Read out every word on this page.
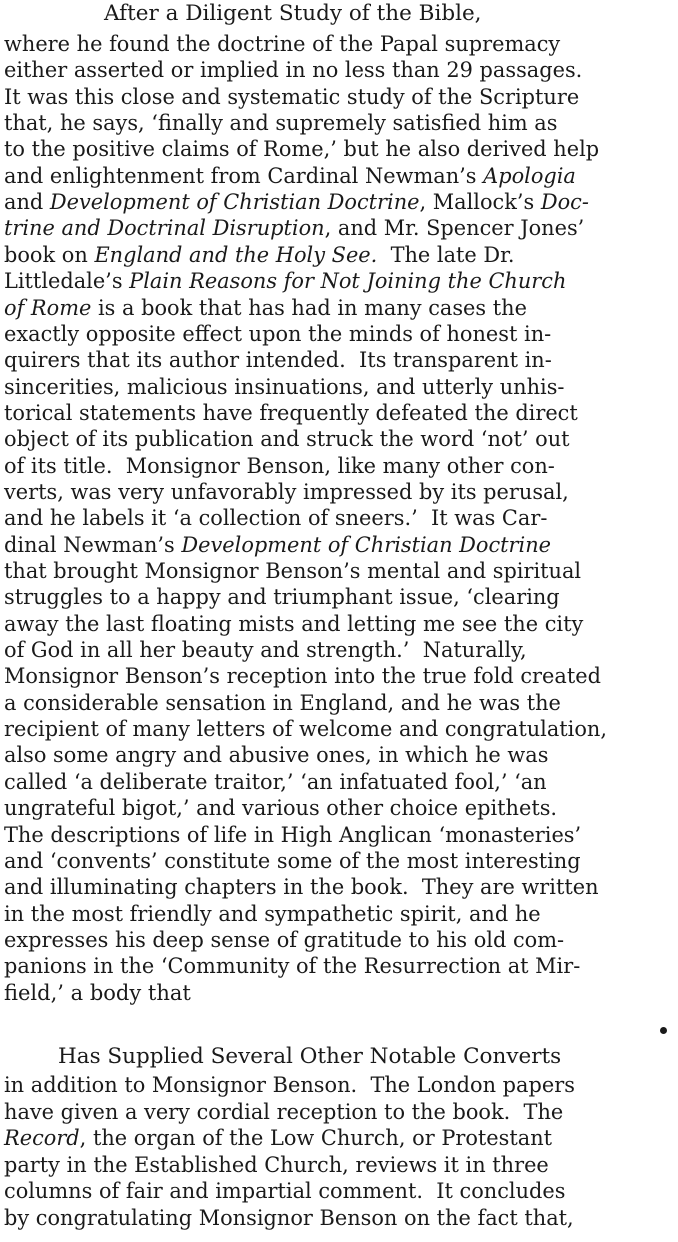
After a Diligent Study of the Bible,
where he found the doctrine of the Papal supremacy
either asserted or implied in no less than 29 passages.
It was this close and systematic study of the Scripture
that, he says, ‘finally and supremely satisfied him as
to the positive claims of Rome,’ but he also derived help
and enlightenment from Cardinal Newman’s Apologia
and Development of Christian Doctrine, Mallock’s Doc-
trine and Doctrinal Disruption, and Mr. Spencer Jones’
book on England and the Holy See.  The late Dr.
Littledale’s Plain Reasons for Not Joining the Church
of Rome is a book that has had in many cases the
exactly opposite effect upon the minds of honest in-
quirers that its author intended.  Its transparent in-
sincerities, malicious insinuations, and utterly unhis-
torical statements have frequently defeated the direct
object of its publication and struck the word ‘not’ out
of its title.  Monsignor Benson, like many other con-
verts, was very unfavorably impressed by its perusal,
and he labels it ‘a collection of sneers.’  It was Car-
dinal Newman’s Development of Christian Doctrine
that brought Monsignor Benson’s mental and spiritual
struggles to a happy and triumphant issue, ‘clearing
away the last floating mists and letting me see the city
of God in all her beauty and strength.’  Naturally,
Monsignor Benson’s reception into the true fold created
a considerable sensation in England, and he was the
recipient of many letters of welcome and congratulation,
also some angry and abusive ones, in which he was
called ‘a deliberate traitor,’ ‘an infatuated fool,’ ‘an
ungrateful bigot,’ and various other choice epithets.
The descriptions of life in High Anglican ‘monasteries’
and ‘convents’ constitute some of the most interesting
and illuminating chapters in the book.  They are written
in the most friendly and sympathetic spirit, and he
expresses his deep sense of gratitude to his old com-
panions in the ‘Community of the Resurrection at Mir-
field,’ a body that
Has Supplied Several Other Notable Converts
in addition to Monsignor Benson.  The London papers
have given a very cordial reception to the book.  The
Record, the organ of the Low Church, or Protestant
party in the Established Church, reviews it in three
columns of fair and impartial comment.  It concludes
by congratulating Monsignor Benson on the fact that,
